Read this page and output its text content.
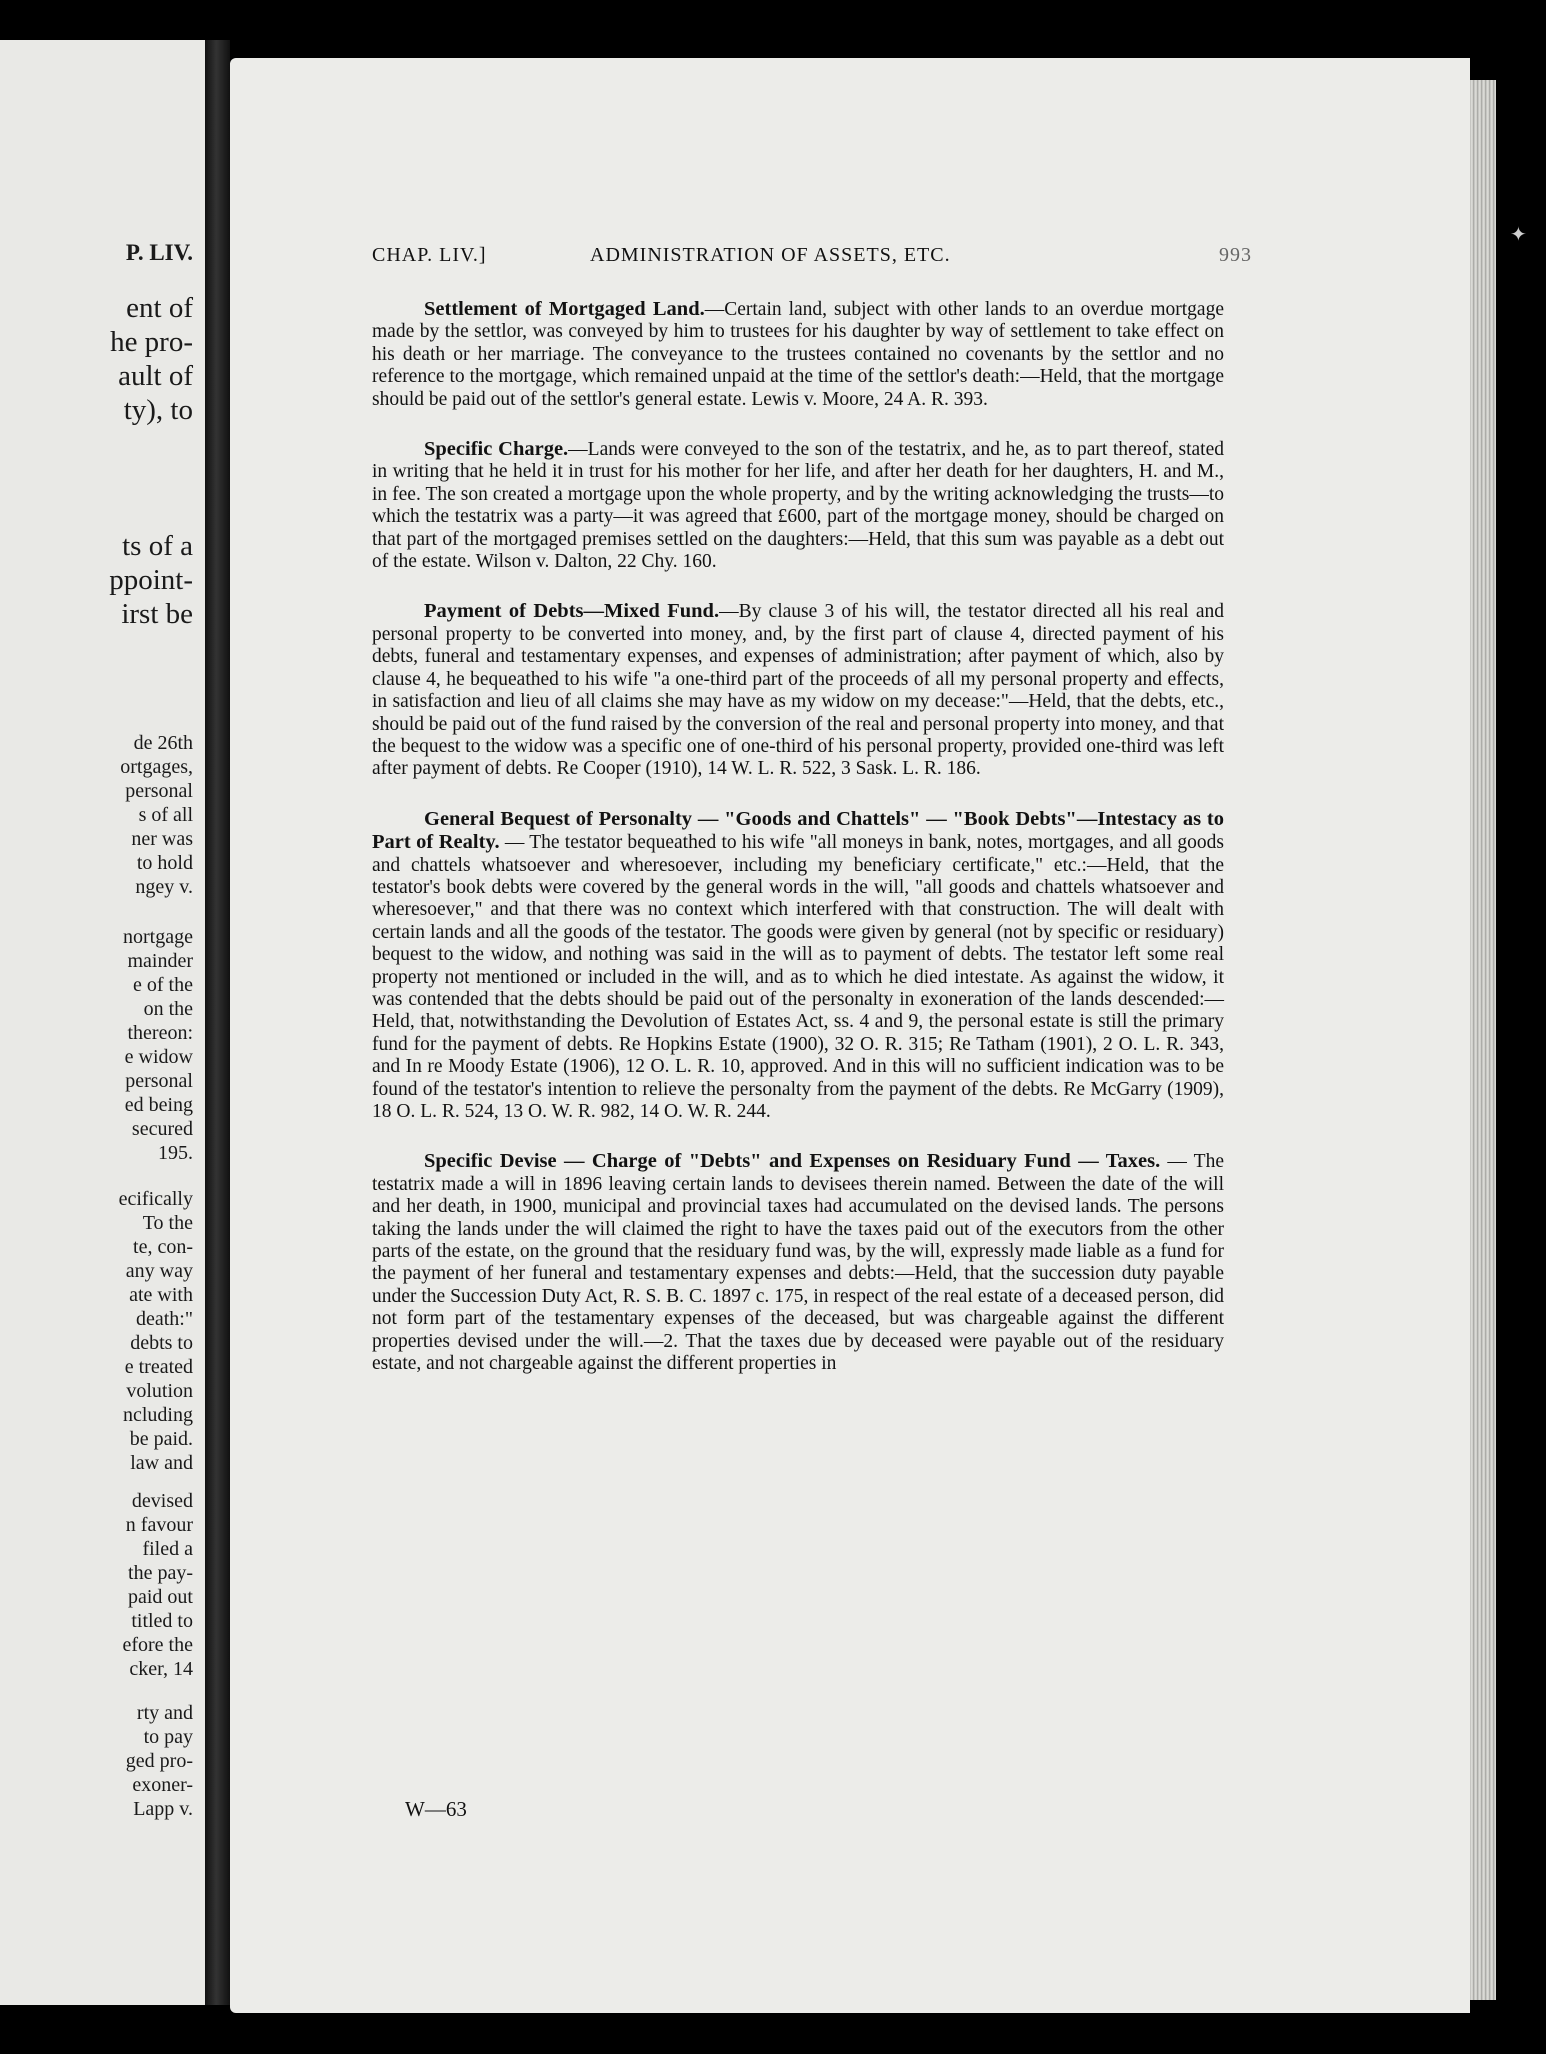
P. LIV.
ent of
he pro-
ault of
ty), to
ts of a
ppoint-
irst be
de 26th
ortgages,
personal
s of all
ner was
to hold
ngey v.
nortgage
mainder
e of the
on the
thereon:
e widow
personal
ed being
secured
195.
ecifically
To the
te, con-
any way
ate with
death:"
debts to
e treated
volution
ncluding
be paid.
law and
devised
n favour
filed a
the pay-
paid out
titled to
efore the
cker, 14
rty and
to pay
ged pro-
exoner-
Lapp v.
CHAP. LIV.]	ADMINISTRATION OF ASSETS, ETC.	993

Settlement of Mortgaged Land.—Certain land, subject with other lands to an overdue mortgage made by the settlor, was conveyed by him to trustees for his daughter by way of settlement to take effect on his death or her marriage. The conveyance to the trustees contained no covenants by the settlor and no reference to the mortgage, which remained unpaid at the time of the settlor's death:—Held, that the mortgage should be paid out of the settlor's general estate. Lewis v. Moore, 24 A. R. 393.

Specific Charge.—Lands were conveyed to the son of the testatrix, and he, as to part thereof, stated in writing that he held it in trust for his mother for her life, and after her death for her daughters, H. and M., in fee. The son created a mortgage upon the whole property, and by the writing acknowledging the trusts—to which the testatrix was a party—it was agreed that £600, part of the mortgage money, should be charged on that part of the mortgaged premises settled on the daughters:—Held, that this sum was payable as a debt out of the estate. Wilson v. Dalton, 22 Chy. 160.

Payment of Debts—Mixed Fund.—By clause 3 of his will, the testator directed all his real and personal property to be converted into money, and, by the first part of clause 4, directed payment of his debts, funeral and testamentary expenses, and expenses of administration; after payment of which, also by clause 4, he bequeathed to his wife "a one-third part of the proceeds of all my personal property and effects, in satisfaction and lieu of all claims she may have as my widow on my decease:"—Held, that the debts, etc., should be paid out of the fund raised by the conversion of the real and personal property into money, and that the bequest to the widow was a specific one of one-third of his personal property, provided one-third was left after payment of debts. Re Cooper (1910), 14 W. L. R. 522, 3 Sask. L. R. 186.

General Bequest of Personalty — "Goods and Chattels" — "Book Debts"—Intestacy as to Part of Realty. — The testator bequeathed to his wife "all moneys in bank, notes, mortgages, and all goods and chattels whatsoever and wheresoever, including my beneficiary certificate," etc.:—Held, that the testator's book debts were covered by the general words in the will, "all goods and chattels whatsoever and wheresoever," and that there was no context which interfered with that construction. The will dealt with certain lands and all the goods of the testator. The goods were given by general (not by specific or residuary) bequest to the widow, and nothing was said in the will as to payment of debts. The testator left some real property not mentioned or included in the will, and as to which he died intestate. As against the widow, it was contended that the debts should be paid out of the personalty in exoneration of the lands descended:—Held, that, notwithstanding the Devolution of Estates Act, ss. 4 and 9, the personal estate is still the primary fund for the payment of debts. Re Hopkins Estate (1900), 32 O. R. 315; Re Tatham (1901), 2 O. L. R. 343, and In re Moody Estate (1906), 12 O. L. R. 10, approved. And in this will no sufficient indication was to be found of the testator's intention to relieve the personalty from the payment of the debts. Re McGarry (1909), 18 O. L. R. 524, 13 O. W. R. 982, 14 O. W. R. 244.

Specific Devise — Charge of "Debts" and Expenses on Residuary Fund — Taxes. — The testatrix made a will in 1896 leaving certain lands to devisees therein named. Between the date of the will and her death, in 1900, municipal and provincial taxes had accumulated on the devised lands. The persons taking the lands under the will claimed the right to have the taxes paid out of the executors from the other parts of the estate, on the ground that the residuary fund was, by the will, expressly made liable as a fund for the payment of her funeral and testamentary expenses and debts:—Held, that the succession duty payable under the Succession Duty Act, R. S. B. C. 1897 c. 175, in respect of the real estate of a deceased person, did not form part of the testamentary expenses of the deceased, but was chargeable against the different properties devised under the will.—2. That the taxes due by deceased were payable out of the residuary estate, and not chargeable against the different properties in

W—63
✦
